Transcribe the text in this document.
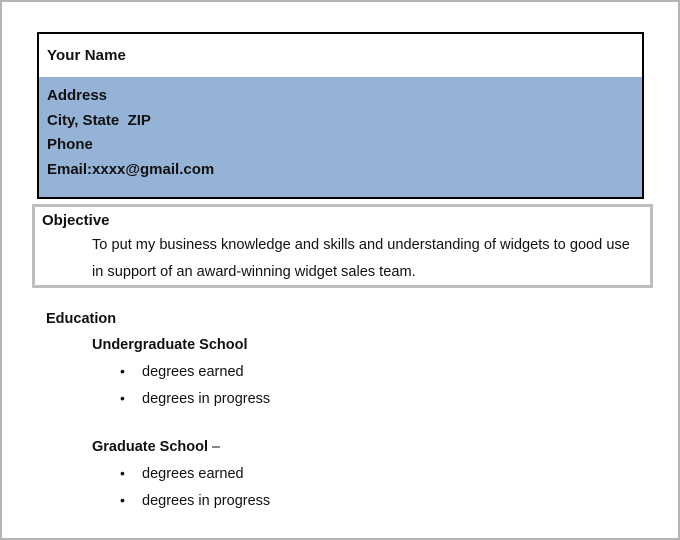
Your Name
Address
City, State  ZIP
Phone
Email:xxxx@gmail.com
Objective
To put my business knowledge and skills and understanding of widgets to good use in support of an award-winning widget sales team.
Education
Undergraduate School
•	degrees earned
•	degrees in progress
Graduate School –
•	degrees earned
•	degrees in progress
